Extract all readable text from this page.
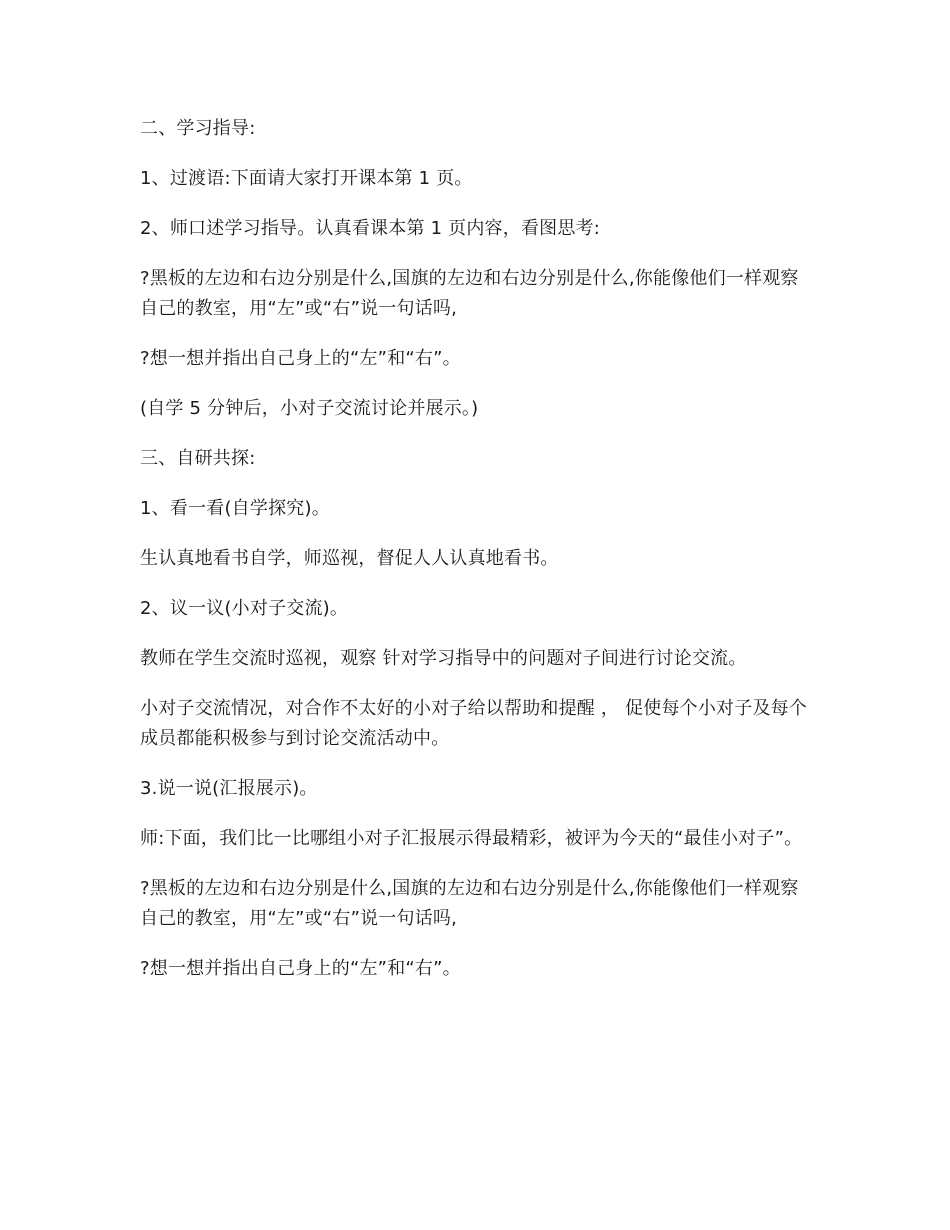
二、学习指导:

1、过渡语:下面请大家打开课本第 1 页。

2、师口述学习指导。认真看课本第 1 页内容，看图思考:

?黑板的左边和右边分别是什么,国旗的左边和右边分别是什么,你能像他们一样观察自己的教室，用“左”或“右”说一句话吗,

?想一想并指出自己身上的“左”和“右”。

(自学 5 分钟后，小对子交流讨论并展示。)

三、自研共探:

1、看一看(自学探究)。

生认真地看书自学，师巡视，督促人人认真地看书。

2、议一议(小对子交流)。

教师在学生交流时巡视，观察 针对学习指导中的问题对子间进行讨论交流。

小对子交流情况，对合作不太好的小对子给以帮助和提醒 ， 促使每个小对子及每个成员都能积极参与到讨论交流活动中。

3.说一说(汇报展示)。

师:下面，我们比一比哪组小对子汇报展示得最精彩，被评为今天的“最佳小对子”。

?黑板的左边和右边分别是什么,国旗的左边和右边分别是什么,你能像他们一样观察自己的教室，用“左”或“右”说一句话吗,

?想一想并指出自己身上的“左”和“右”。
